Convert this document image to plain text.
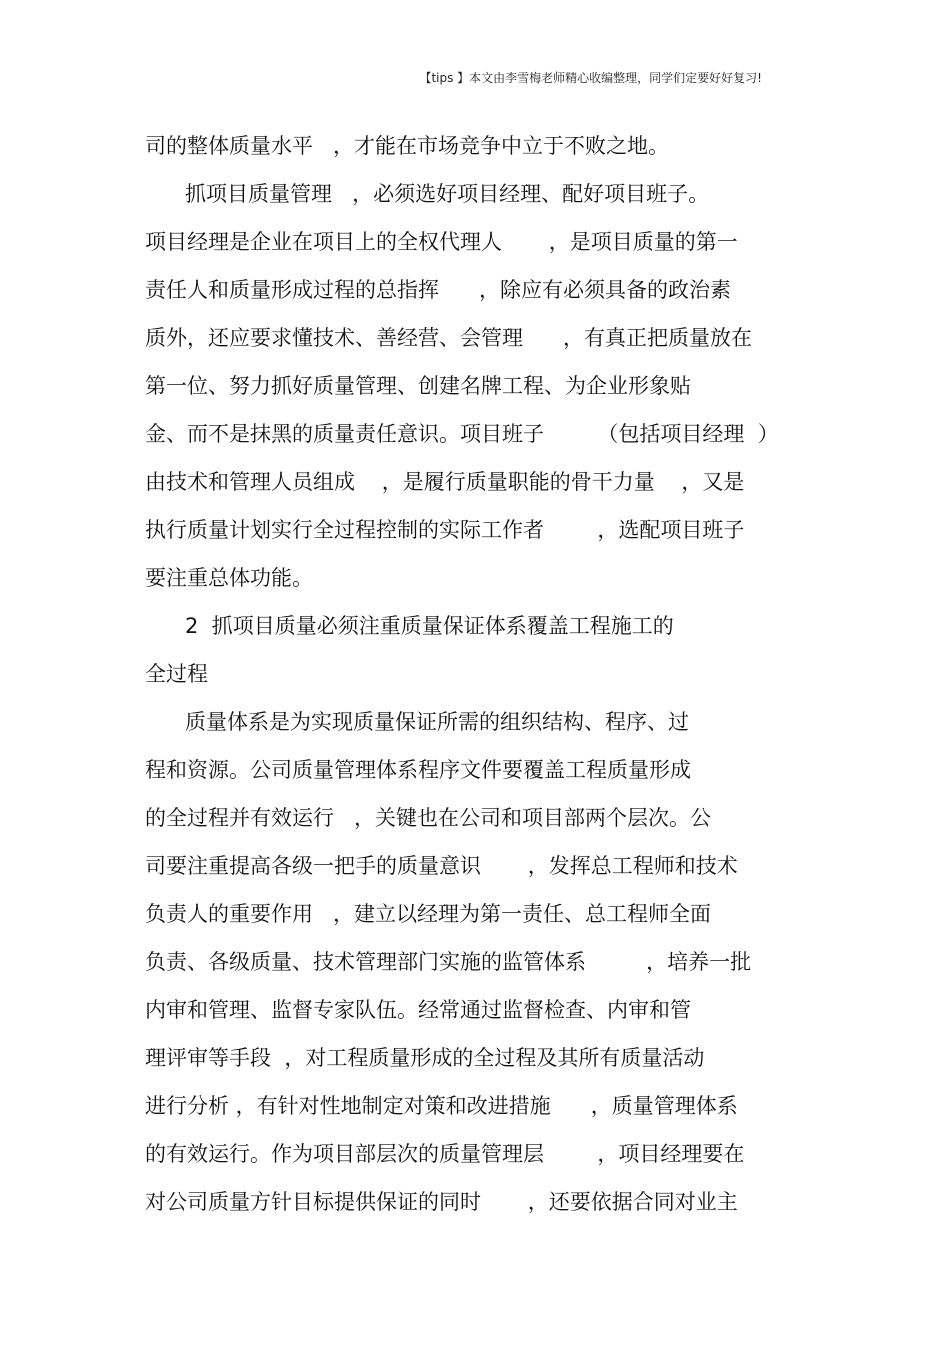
【tips 】本文由李雪梅老师精心收编整理，同学们定要好好复习!
司的整体质量水平   ，才能在市场竞争中立于不败之地。
抓项目质量管理   ，必须选好项目经理、配好项目班子。
项目经理是企业在项目上的全权代理人       ，是项目质量的第一
责任人和质量形成过程的总指挥      ，除应有必须具备的政治素
质外，还应要求懂技术、善经营、会管理      ，有真正把质量放在
第一位、努力抓好质量管理、创建名牌工程、为企业形象贴
金、而不是抹黑的质量责任意识。项目班子        （包括项目经理  ）
由技术和管理人员组成    ，是履行质量职能的骨干力量    ，又是
执行质量计划实行全过程控制的实际工作者        ，选配项目班子
要注重总体功能。
2  抓项目质量必须注重质量保证体系覆盖工程施工的
全过程
质量体系是为实现质量保证所需的组织结构、程序、过
程和资源。公司质量管理体系程序文件要覆盖工程质量形成
的全过程并有效运行   ，关键也在公司和项目部两个层次。公
司要注重提高各级一把手的质量意识       ，发挥总工程师和技术
负责人的重要作用   ，建立以经理为第一责任、总工程师全面
负责、各级质量、技术管理部门实施的监管体系         ，培养一批
内审和管理、监督专家队伍。经常通过监督检查、内审和管
理评审等手段  ，对工程质量形成的全过程及其所有质量活动
进行分析 ，有针对性地制定对策和改进措施      ，质量管理体系
的有效运行。作为项目部层次的质量管理层        ，项目经理要在
对公司质量方针目标提供保证的同时       ，还要依据合同对业主
